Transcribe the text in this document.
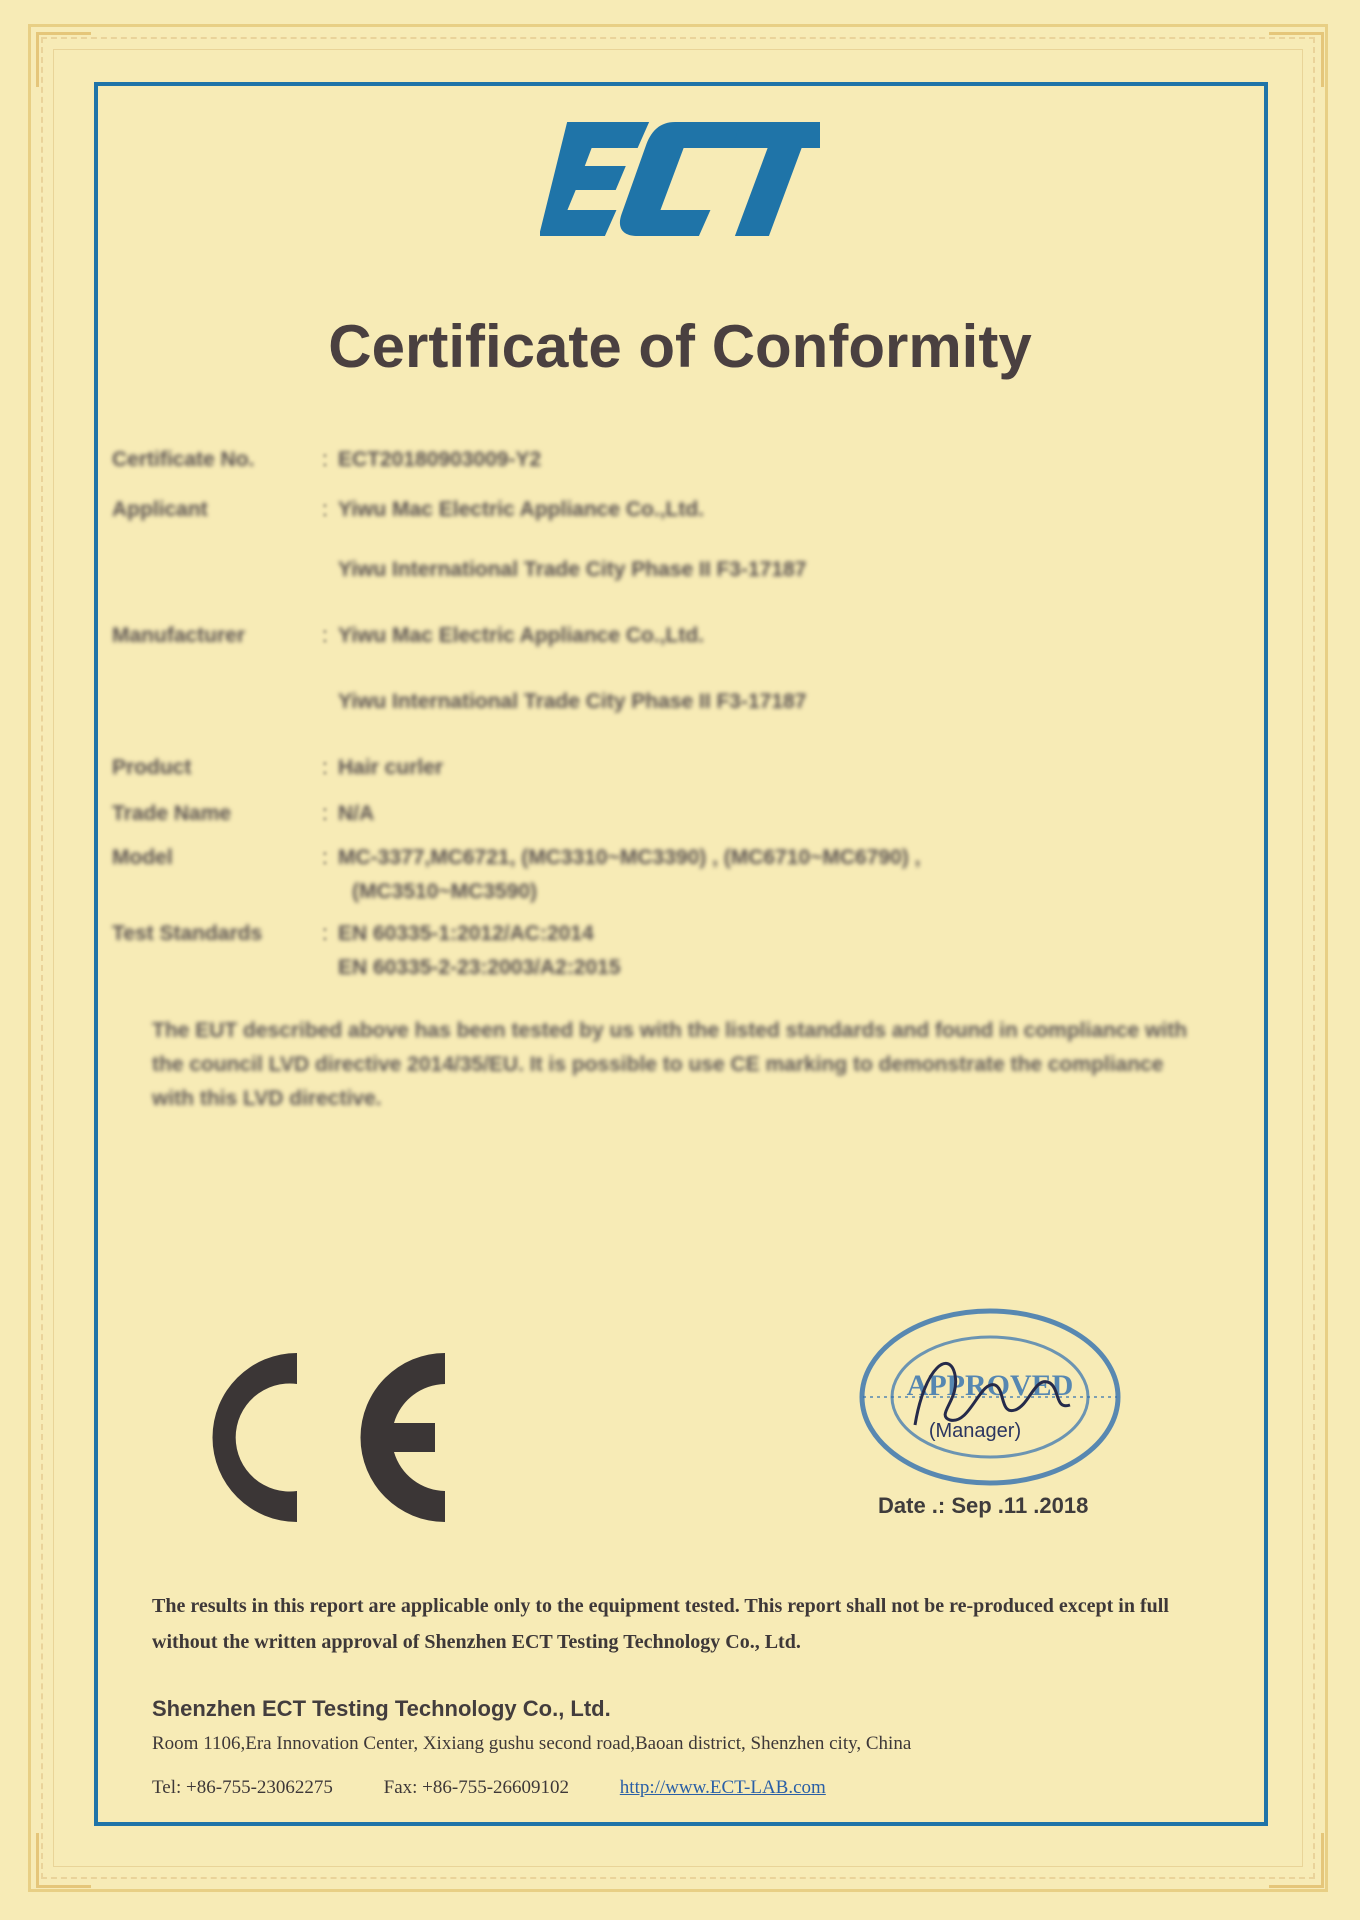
Certificate of Conformity
Certificate No.	: ECT20180903009-Y2
Applicant	: Yiwu Mac Electric Appliance Co.,Ltd.
Yiwu International Trade City Phase II F3-17187
Manufacturer	: Yiwu Mac Electric Appliance Co.,Ltd.
Yiwu International Trade City Phase II F3-17187
Product	: Hair curler
Trade Name	: N/A
Model	: MC-3377,MC6721, (MC3310~MC3390) , (MC6710~MC6790) ,
(MC3510~MC3590)
Test Standards	: EN 60335-1:2012/AC:2014
EN 60335-2-23:2003/A2:2015
The EUT described above has been tested by us with the listed standards and found in compliance with the council LVD directive 2014/35/EU. It is possible to use CE marking to demonstrate the compliance with this LVD directive.
APPROVED
(Manager)
Date .: Sep .11 .2018
The results in this report are applicable only to the equipment tested. This report shall not be re-produced except in full without the written approval of Shenzhen ECT Testing Technology Co., Ltd.
Shenzhen ECT Testing Technology Co., Ltd.
Room 1106,Era Innovation Center, Xixiang gushu second road,Baoan district, Shenzhen city, China
Tel: +86-755-23062275	Fax: +86-755-26609102	http://www.ECT-LAB.com
